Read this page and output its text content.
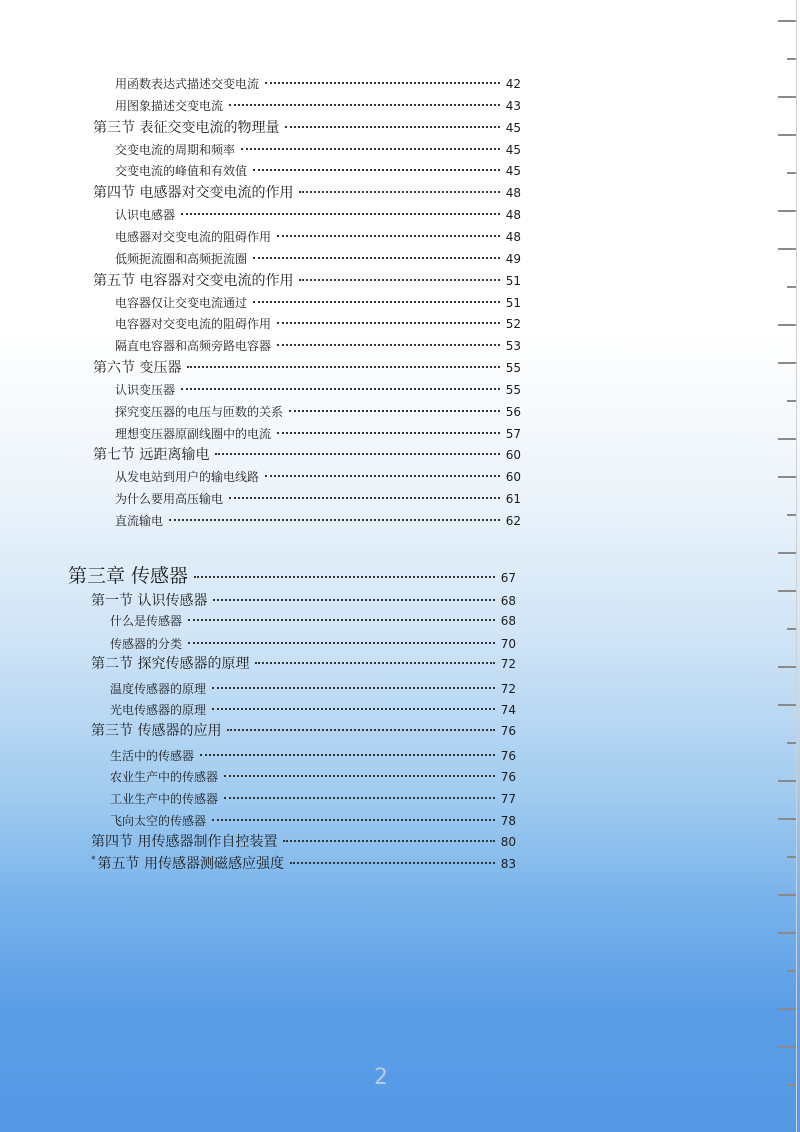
用函数表达式描述交变电流	42
用图象描述交变电流	43
第三节 表征交变电流的物理量	45
交变电流的周期和频率	45
交变电流的峰值和有效值	45
第四节 电感器对交变电流的作用	48
认识电感器	48
电感器对交变电流的阻碍作用	48
低频扼流圈和高频扼流圈	49
第五节 电容器对交变电流的作用	51
电容器仅让交变电流通过	51
电容器对交变电流的阻碍作用	52
隔直电容器和高频旁路电容器	53
第六节 变压器	55
认识变压器	55
探究变压器的电压与匝数的关系	56
理想变压器原副线圈中的电流	57
第七节 远距离输电	60
从发电站到用户的输电线路	60
为什么要用高压输电	61
直流输电	62
第三章 传感器	67
第一节 认识传感器	68
什么是传感器	68
传感器的分类	70
第二节 探究传感器的原理	72
温度传感器的原理	72
光电传感器的原理	74
第三节 传感器的应用	76
生活中的传感器	76
农业生产中的传感器	76
工业生产中的传感器	77
飞向太空的传感器	78
第四节 用传感器制作自控装置	80
* 第五节 用传感器测磁感应强度	83
2
